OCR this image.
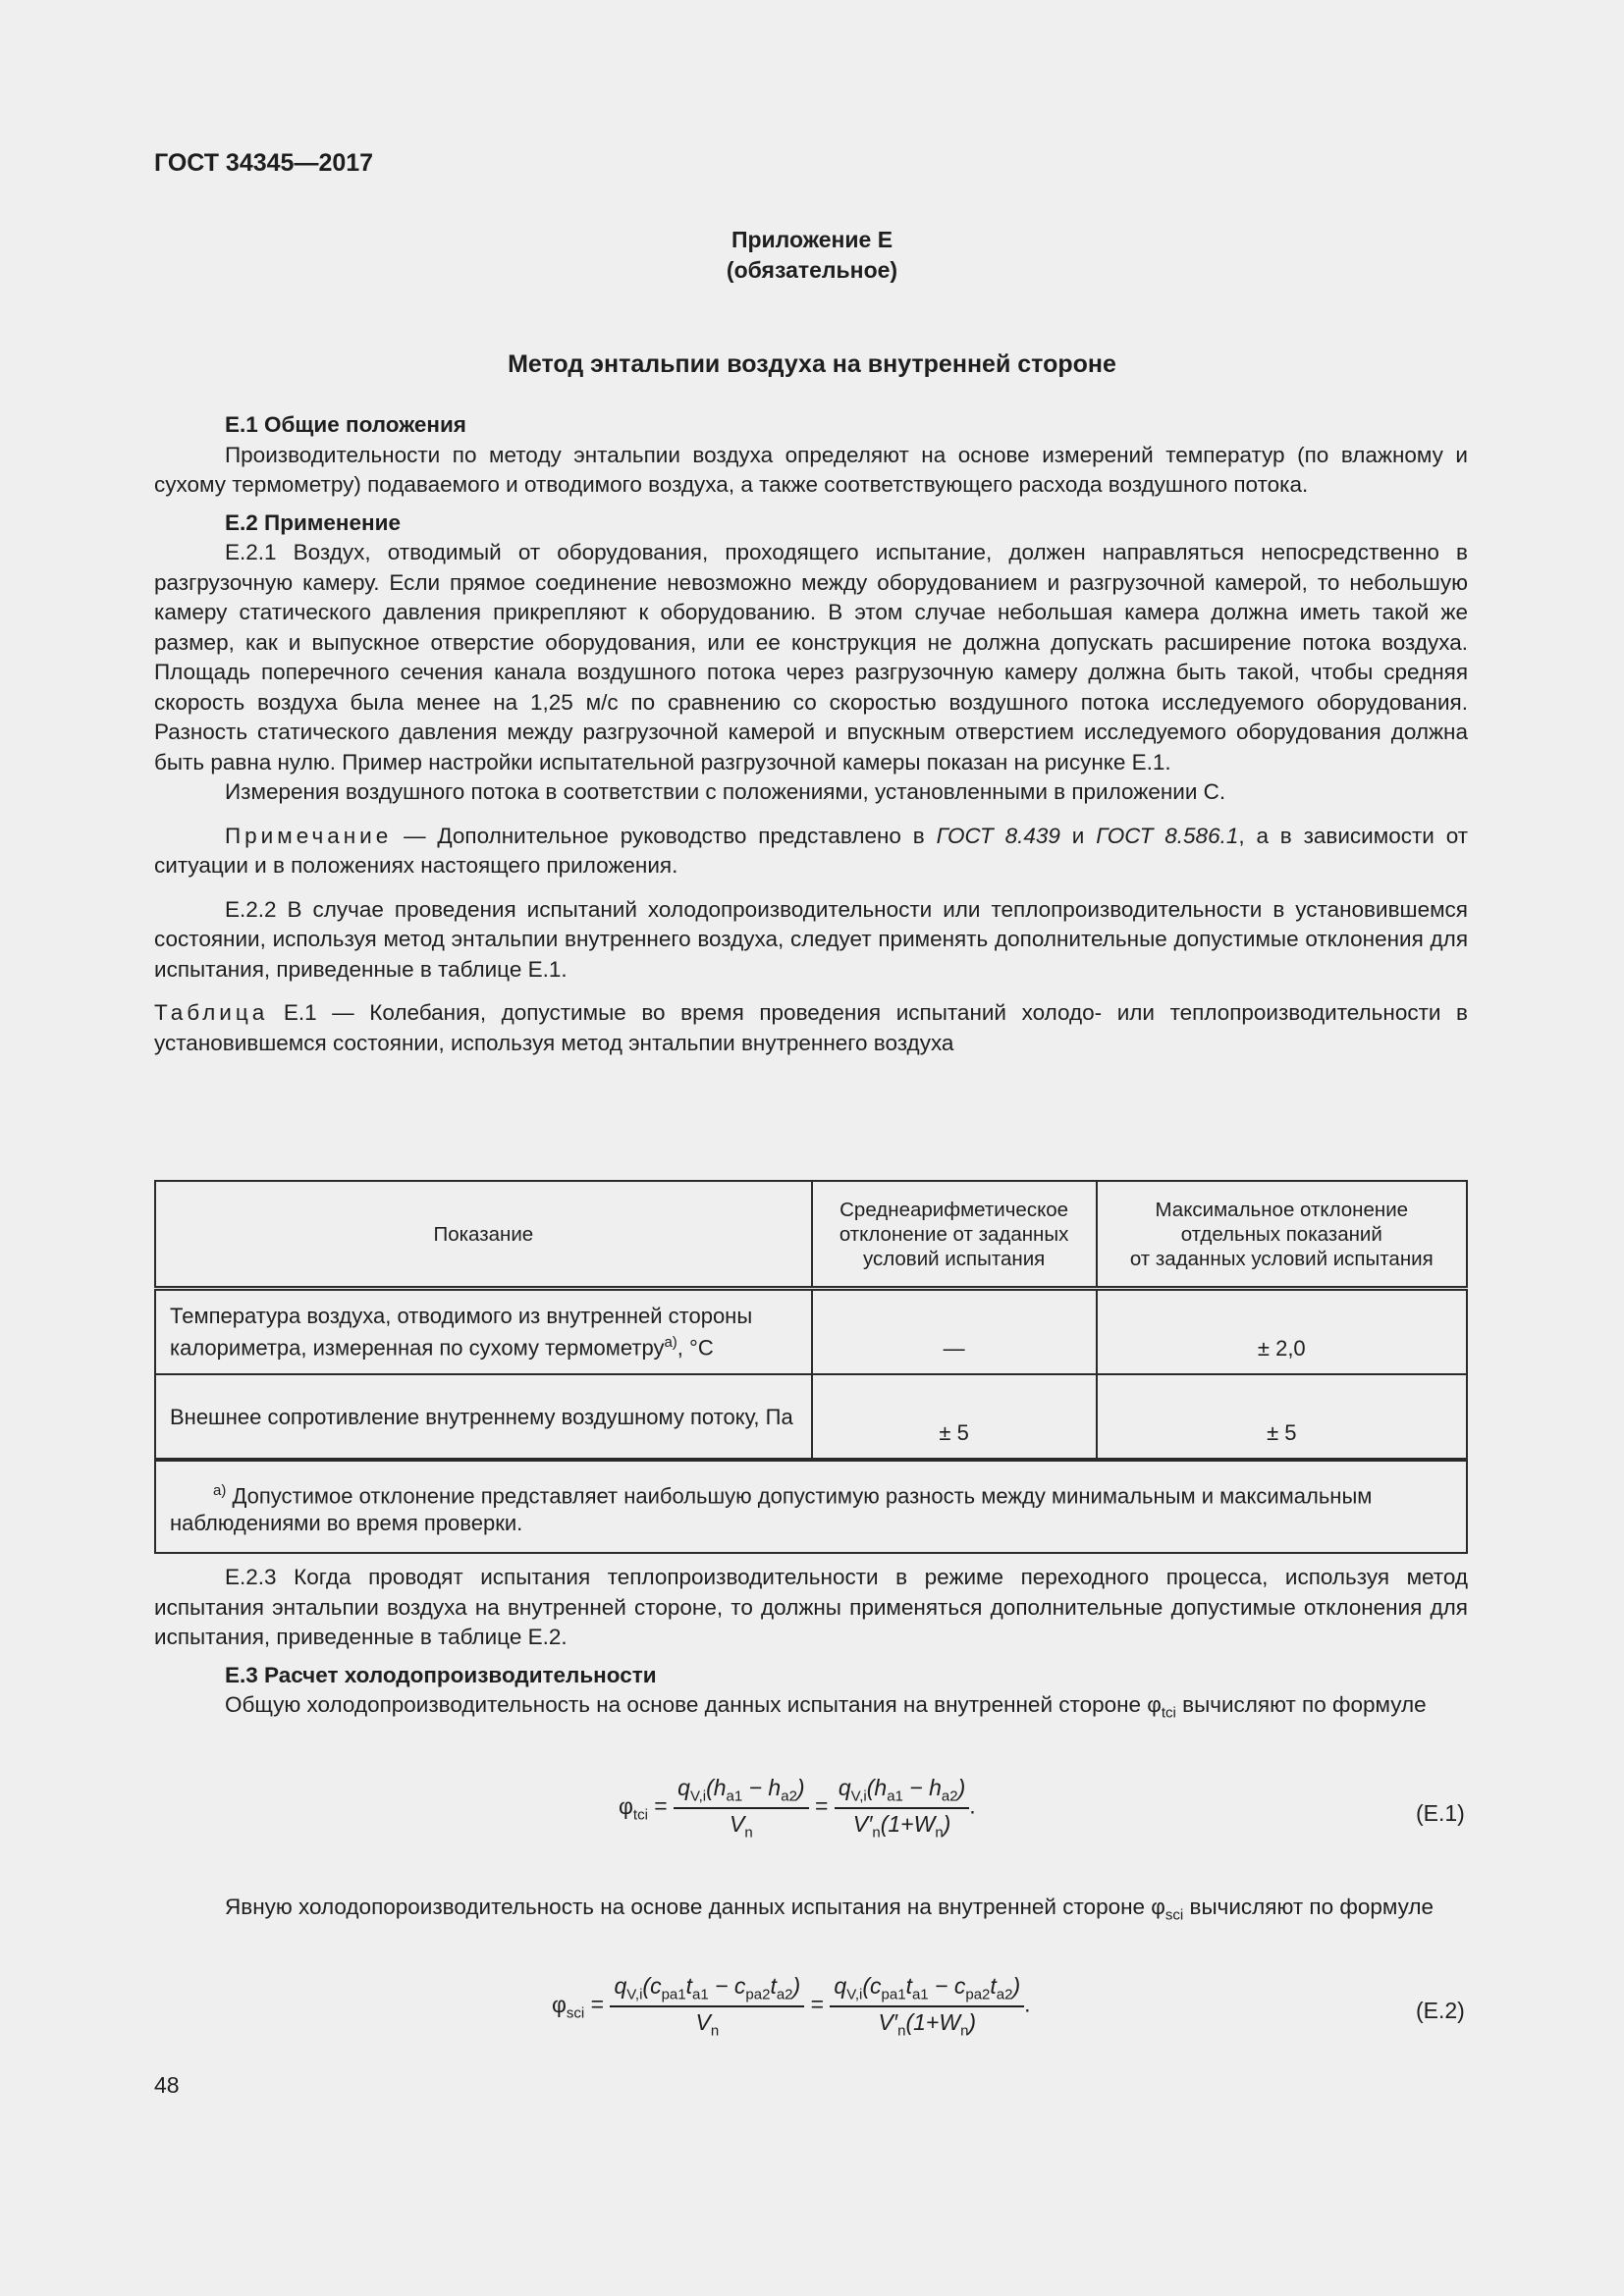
ГОСТ 34345—2017
Приложение Е
(обязательное)
Метод энтальпии воздуха на внутренней стороне

Е.1 Общие положения

Производительности по методу энтальпии воздуха определяют на основе измерений температур (по влажному и сухому термометру) подаваемого и отводимого воздуха, а также соответствующего расхода воздушного потока.

Е.2 Применение

Е.2.1 Воздух, отводимый от оборудования, проходящего испытание, должен направляться непосредственно в разгрузочную камеру. Если прямое соединение невозможно между оборудованием и разгрузочной камерой, то небольшую камеру статического давления прикрепляют к оборудованию. В этом случае небольшая камера должна иметь такой же размер, как и выпускное отверстие оборудования, или ее конструкция не должна допускать расширение потока воздуха. Площадь поперечного сечения канала воздушного потока через разгрузочную камеру должна быть такой, чтобы средняя скорость воздуха была менее на 1,25 м/с по сравнению со скоростью воздушного потока исследуемого оборудования. Разность статического давления между разгрузочной камерой и впускным отверстием исследуемого оборудования должна быть равна нулю. Пример настройки испытательной разгрузочной камеры показан на рисунке Е.1.

Измерения воздушного потока в соответствии с положениями, установленными в приложении С.

Примечание — Дополнительное руководство представлено в ГОСТ 8.439 и ГОСТ 8.586.1, а в зависимости от ситуации и в положениях настоящего приложения.

Е.2.2 В случае проведения испытаний холодопроизводительности или теплопроизводительности в установившемся состоянии, используя метод энтальпии внутреннего воздуха, следует применять дополнительные допустимые отклонения для испытания, приведенные в таблице Е.1.

Таблица Е.1 — Колебания, допустимые во время проведения испытаний холодо- или теплопроизводительности в установившемся состоянии, используя метод энтальпии внутреннего воздуха

Показание	Среднеарифметическое отклонение от заданных условий испытания	Максимальное отклонение
отдельных показаний
от заданных условий испытания
Температура воздуха, отводимого из внутренней стороны калориметра, измеренная по сухому термометру$^{а)}$, °С	—	± 2,0
Внешнее сопротивление внутреннему воздушному потоку, Па	± 5	± 5
$^{а)}$ Допустимое отклонение представляет наибольшую допустимую разность между минимальным и максимальным наблюдениями во время проверки.		

Е.2.3 Когда проводят испытания теплопроизводительности в режиме переходного процесса, используя метод испытания энтальпии воздуха на внутренней стороне, то должны применяться дополнительные допустимые отклонения для испытания, приведенные в таблице Е.2.

Е.3 Расчет холодопроизводительности

Общую холодопроизводительность на основе данных испытания на внутренней стороне $\varphi_{tci}$ вычисляют по формуле

$\varphi_{tci} = \frac{q_{V,i}(h_{a1} - h_{a2})}{V_n} = \frac{q_{V,i}(h_{a1} - h_{a2})}{V'_n(1+W_n)}$ .	(Е.1)

Явную холодопороизводительность на основе данных испытания на внутренней стороне $\varphi_{sci}$ вычисляют по формуле

$\varphi_{sci} = \frac{q_{V,i}(c_{pa1}t_{a1} - c_{pa2}t_{a2})}{V_n} = \frac{q_{V,i}(c_{pa1}t_{a1} - c_{pa2}t_{a2})}{V'_n(1+W_n)}$ .	(Е.2)
48
